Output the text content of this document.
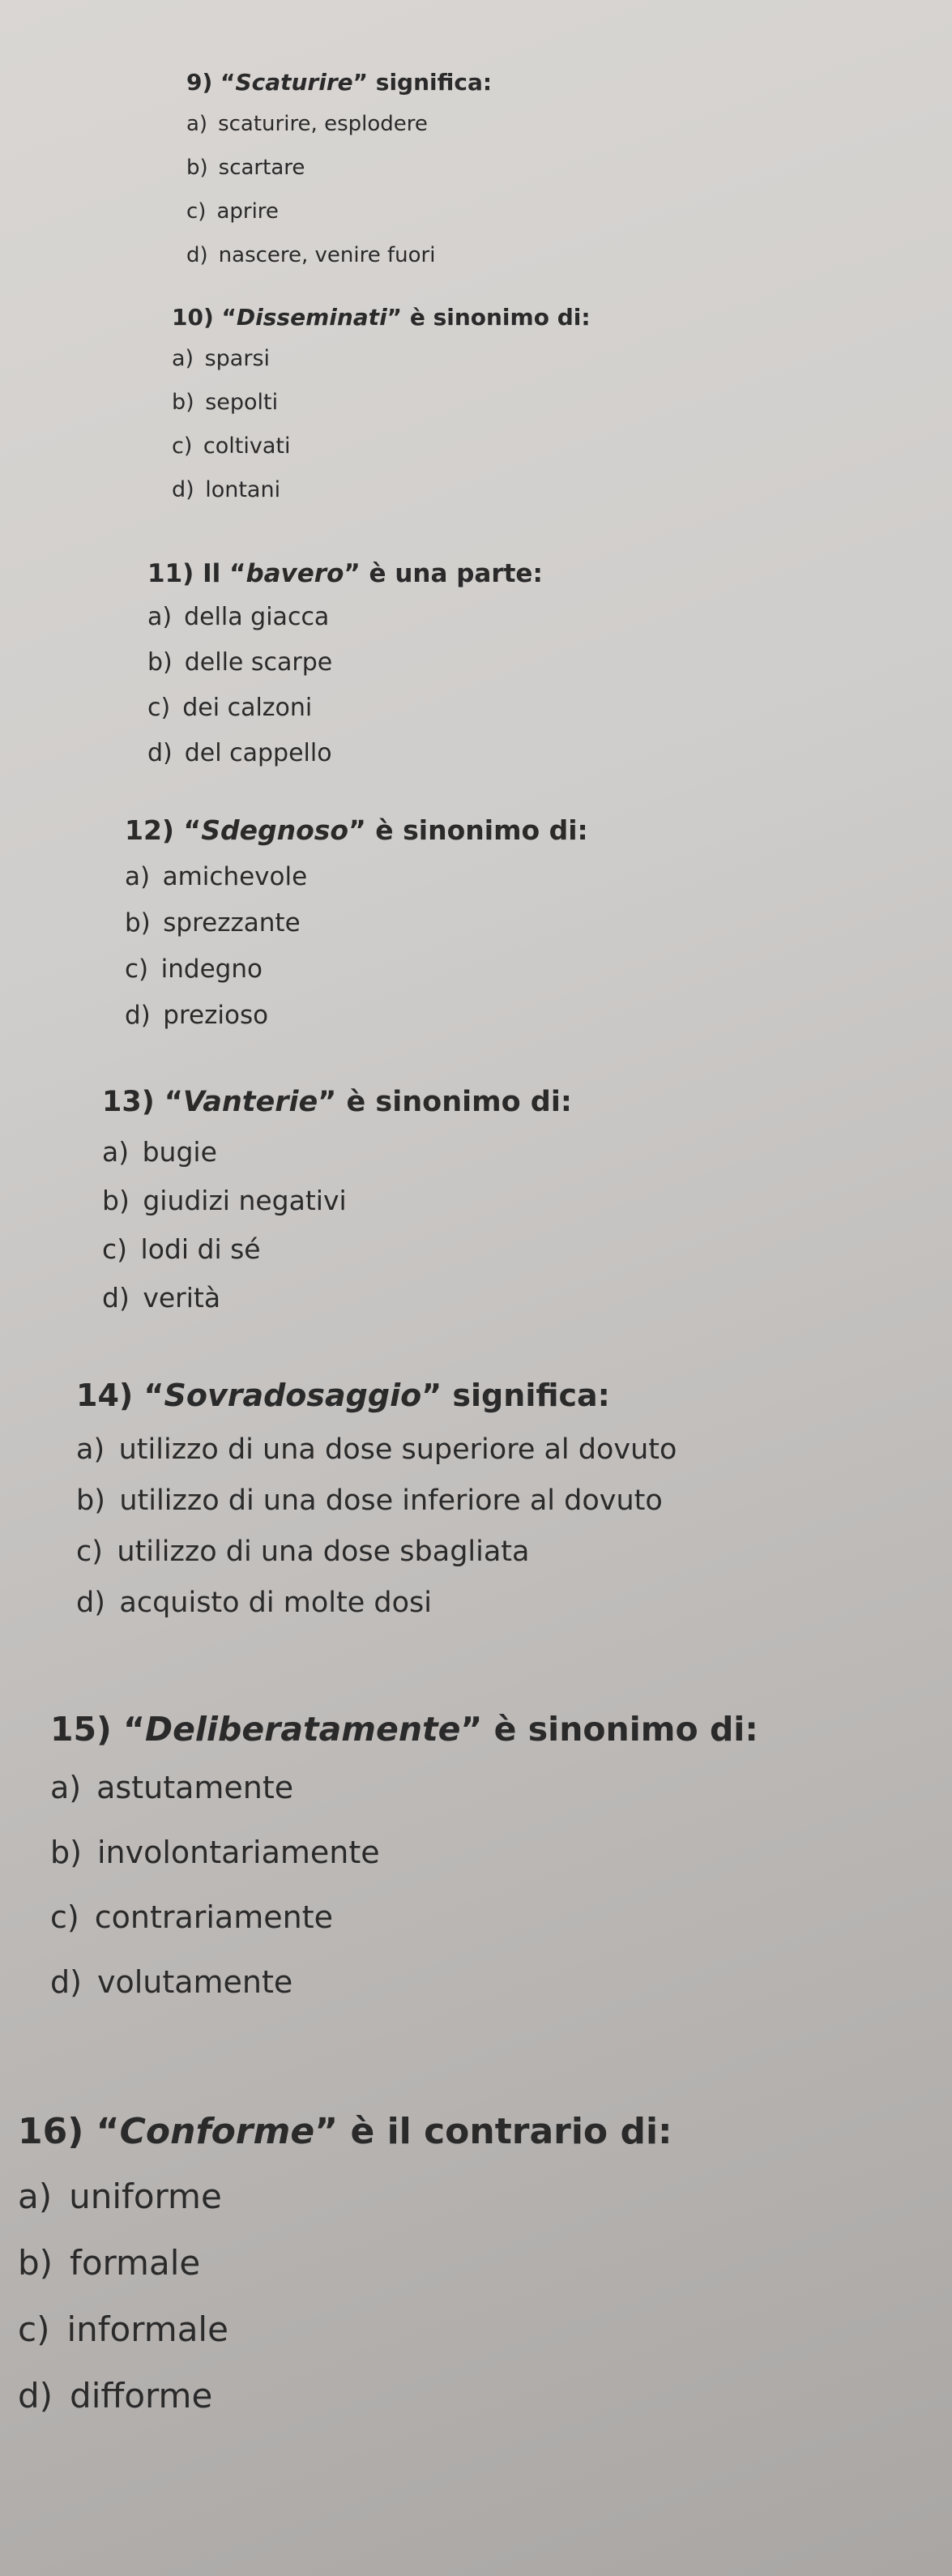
9) “Scaturire” significa:

a) scaturire, esplodere

b) scartare

c) aprire

d) nascere, venire fuori

10) “Disseminati” è sinonimo di:

a) sparsi

b) sepolti

c) coltivati

d) lontani

11) Il “bavero” è una parte:

a) della giacca

b) delle scarpe

c) dei calzoni

d) del cappello

12) “Sdegnoso” è sinonimo di:

a) amichevole

b) sprezzante

c) indegno

d) prezioso

13) “Vanterie” è sinonimo di:

a) bugie

b) giudizi negativi

c) lodi di sé

d) verità

14) “Sovradosaggio” significa:

a) utilizzo di una dose superiore al dovuto

b) utilizzo di una dose inferiore al dovuto

c) utilizzo di una dose sbagliata

d) acquisto di molte dosi

15) “Deliberatamente” è sinonimo di:

a) astutamente

b) involontariamente

c) contrariamente

d) volutamente

16) “Conforme” è il contrario di:

a) uniforme

b) formale

c) informale

d) difforme
